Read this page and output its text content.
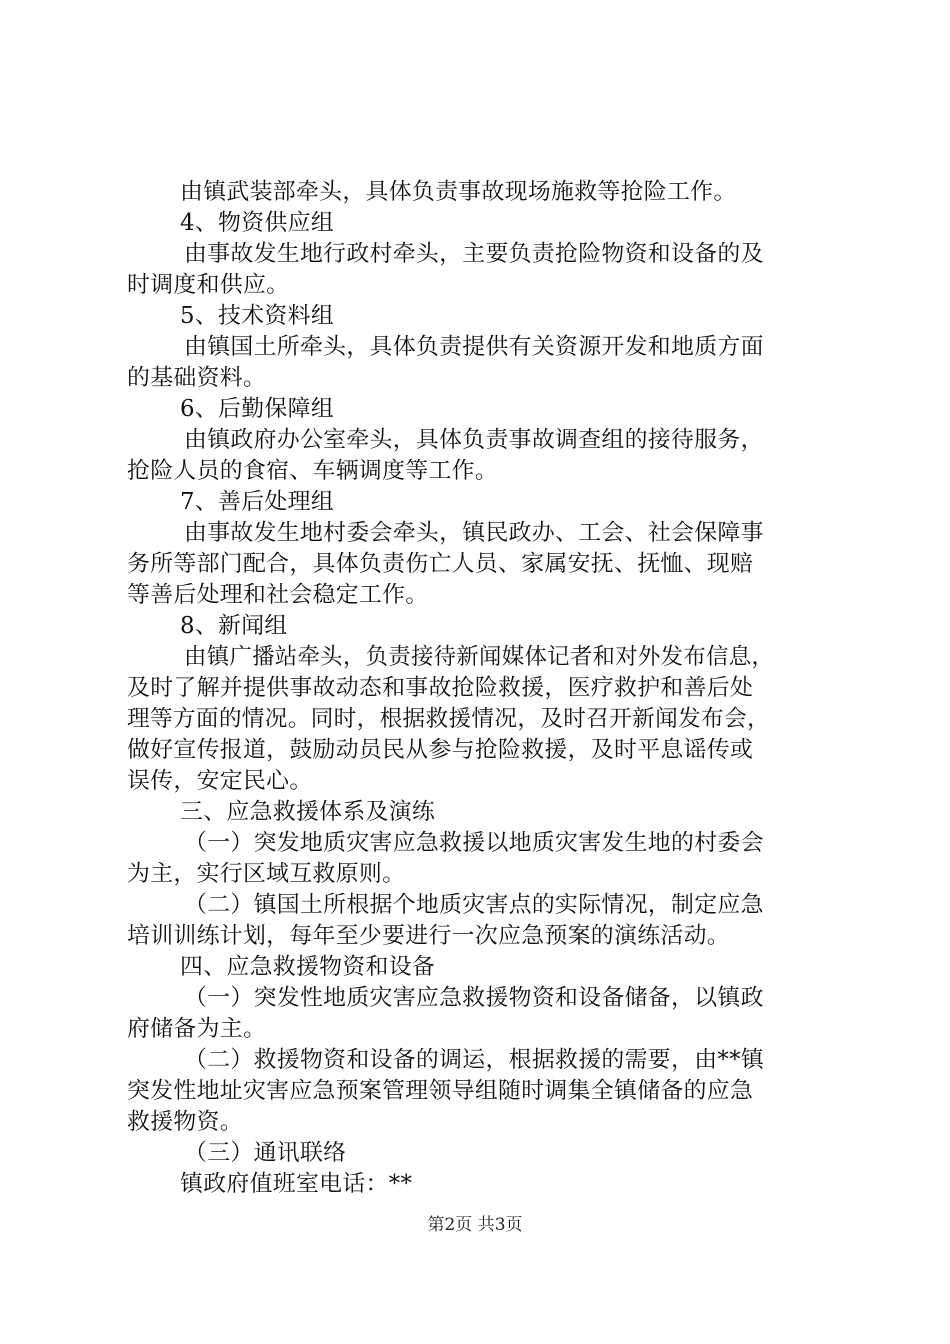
由镇武装部牵头，具体负责事故现场施救等抢险工作。
4、物资供应组
由事故发生地行政村牵头，主要负责抢险物资和设备的及
时调度和供应。
5、技术资料组
由镇国土所牵头，具体负责提供有关资源开发和地质方面
的基础资料。
6、后勤保障组
由镇政府办公室牵头，具体负责事故调查组的接待服务，
抢险人员的食宿、车辆调度等工作。
7、善后处理组
由事故发生地村委会牵头，镇民政办、工会、社会保障事
务所等部门配合，具体负责伤亡人员、家属安抚、抚恤、现赔
等善后处理和社会稳定工作。
8、新闻组
由镇广播站牵头，负责接待新闻媒体记者和对外发布信息，
及时了解并提供事故动态和事故抢险救援，医疗救护和善后处
理等方面的情况。同时，根据救援情况，及时召开新闻发布会，
做好宣传报道，鼓励动员民从参与抢险救援，及时平息谣传或
误传，安定民心。
三、应急救援体系及演练
（一）突发地质灾害应急救援以地质灾害发生地的村委会
为主，实行区域互救原则。
（二）镇国土所根据个地质灾害点的实际情况，制定应急
培训训练计划，每年至少要进行一次应急预案的演练活动。
四、应急救援物资和设备
（一）突发性地质灾害应急救援物资和设备储备，以镇政
府储备为主。
（二）救援物资和设备的调运，根据救援的需要，由**镇
突发性地址灾害应急预案管理领导组随时调集全镇储备的应急
救援物资。
（三）通讯联络
镇政府值班室电话：**
第2页 共3页
